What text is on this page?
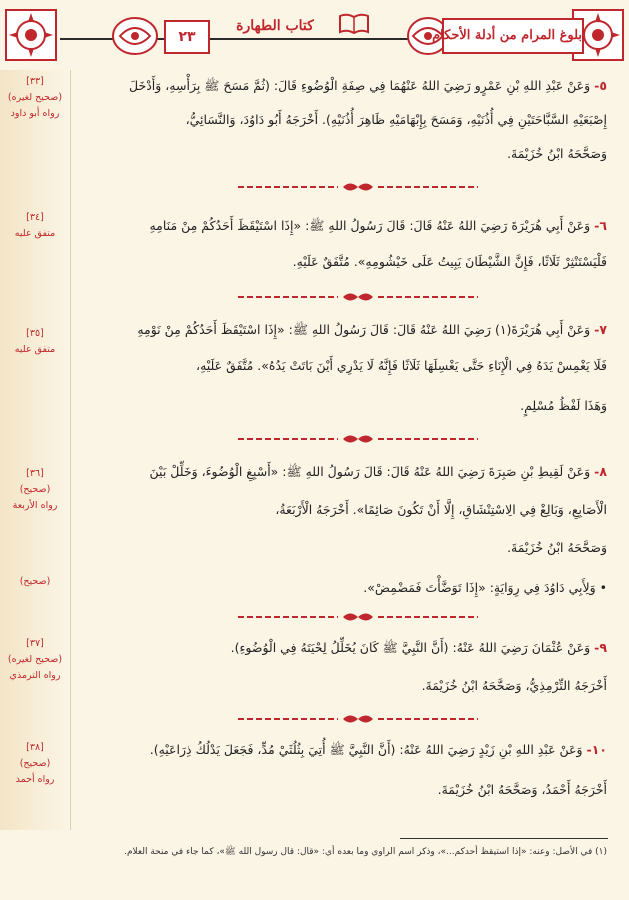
بلوغ المرام من أدلة الأحكام
٢٣
كتاب الطهارة
[٣٣]
(صحيح لغيره)
رواه أبو داود
[٣٤]
متفق عليه
[٣٥]
متفق عليه
[٣٦]
(صحيح)
رواه الأربعة
(صحيح)
[٣٧]
(صحيح لغيره)
رواه الترمذي
[٣٨]
(صحيح)
رواه أحمد
٥- وَعَنْ عَبْدِ اللهِ بْنِ عَمْرٍو رَضِيَ اللهُ عَنْهُمَا فِي صِفَةِ الْوُضُوءِ قَالَ: (ثُمَّ مَسَحَ ﷺ بِرَأْسِهِ، وَأَدْخَلَ
إِصْبَعَيْهِ السَّبَّاحَتَيْنِ فِي أُذُنَيْهِ، وَمَسَحَ بِإِبْهَامَيْهِ ظَاهِرَ أُذُنَيْهِ). أَخْرَجَهُ أَبُو دَاوُدَ، وَالنَّسَائِيُّ،
وَصَحَّحَهُ ابْنُ خُزَيْمَةَ.
٦- وَعَنْ أَبِي هُرَيْرَةَ رَضِيَ اللهُ عَنْهُ قَالَ: قَالَ رَسُولُ اللهِ ﷺ: «إِذَا اسْتَيْقَظَ أَحَدُكُمْ مِنْ مَنَامِهِ
فَلْيَسْتَنْثِرْ ثَلَاثًا، فَإِنَّ الشَّيْطَانَ يَبِيتُ عَلَى خَيْشُومِهِ». مُتَّفَقٌ عَلَيْهِ.
٧- وَعَنْ أَبِي هُرَيْرَةَ(١) رَضِيَ اللهُ عَنْهُ قَالَ: قَالَ رَسُولُ اللهِ ﷺ: «إِذَا اسْتَيْقَظَ أَحَدُكُمْ مِنْ نَوْمِهِ
فَلَا يَغْمِسْ يَدَهُ فِي الْإِنَاءِ حَتَّى يَغْسِلَهَا ثَلَاثًا فَإِنَّهُ لَا يَدْرِي أَيْنَ بَاتَتْ يَدُهُ». مُتَّفَقٌ عَلَيْهِ،
وَهَذَا لَفْظُ مُسْلِمٍ.
٨- وَعَنْ لَقِيطِ بْنِ صَبِرَةَ رَضِيَ اللهُ عَنْهُ قَالَ: قَالَ رَسُولُ اللهِ ﷺ: «أَسْبِغِ الْوُضُوءَ، وَخَلِّلْ بَيْنَ
الْأَصَابِعِ، وَبَالِغْ فِي الِاسْتِنْشَاقِ، إِلَّا أَنْ تَكُونَ صَائِمًا». أَخْرَجَهُ الْأَرْبَعَةُ،
وَصَحَّحَهُ ابْنُ خُزَيْمَةَ.
• وَلِأَبِي دَاوُدَ فِي رِوَايَةٍ: «إِذَا تَوَضَّأْتَ فَمَضْمِضْ».
٩- وَعَنْ عُثْمَانَ رَضِيَ اللهُ عَنْهُ: (أَنَّ النَّبِيَّ ﷺ كَانَ يُخَلِّلُ لِحْيَتَهُ فِي الْوُضُوءِ).
أَخْرَجَهُ التِّرْمِذِيُّ، وَصَحَّحَهُ ابْنُ خُزَيْمَةَ.
١٠- وَعَنْ عَبْدِ اللهِ بْنِ زَيْدٍ رَضِيَ اللهُ عَنْهُ: (أَنَّ النَّبِيَّ ﷺ أُتِيَ بِثُلُثَيْ مُدٍّ، فَجَعَلَ يَدْلُكُ ذِرَاعَيْهِ).
أَخْرَجَهُ أَحْمَدُ، وَصَحَّحَهُ ابْنُ خُزَيْمَةَ.
(١) في الأصل: وعنه: «إذا استيقظ أحدكم...»، وذكر اسم الراوي وما بعده أي: «قال: قال رسول الله ﷺ»، كما جاء في منحة العلام.
